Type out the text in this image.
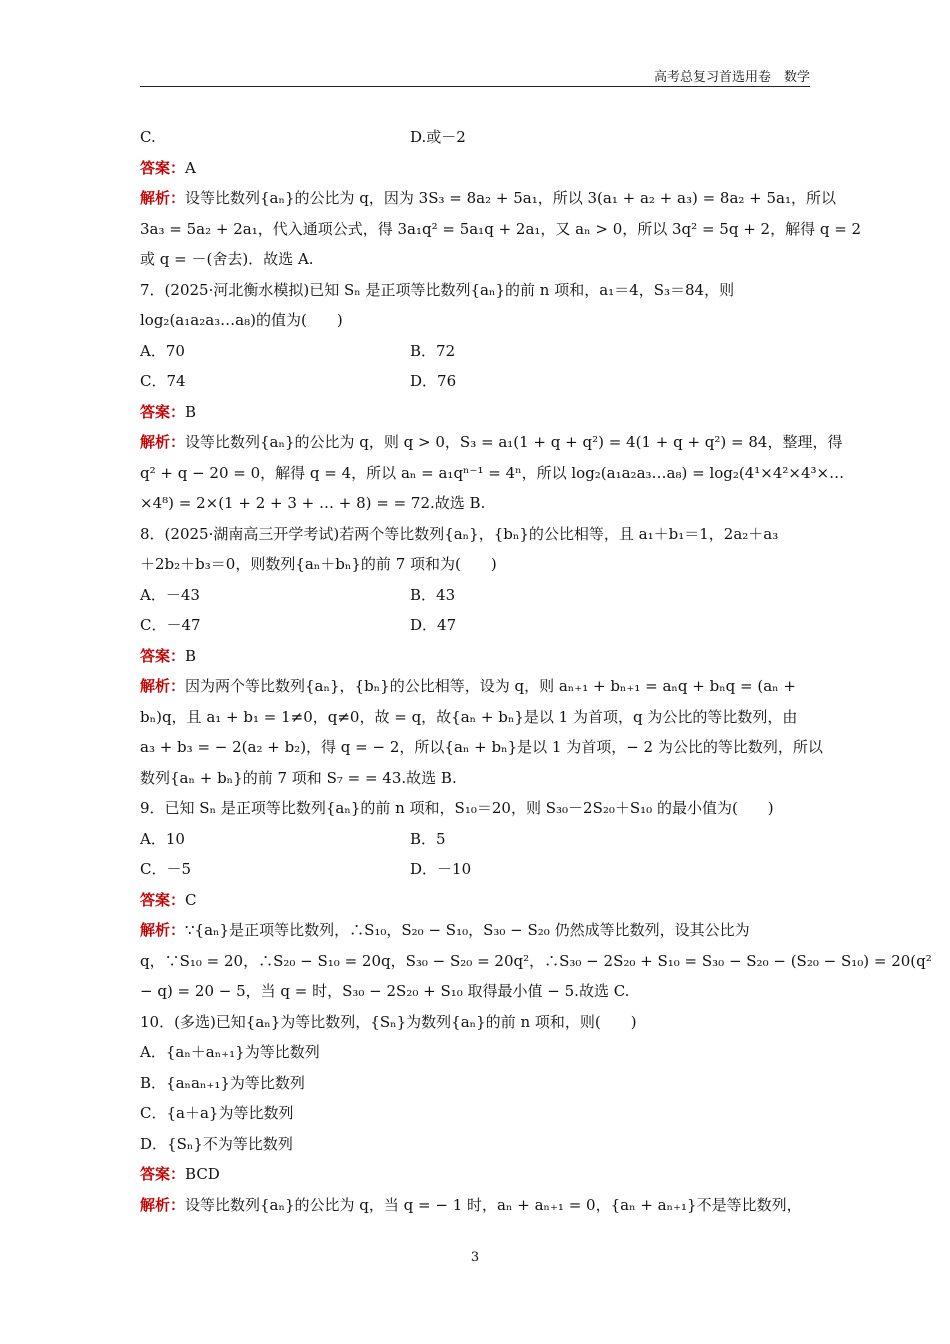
高考总复习首选用卷　数学
C.	D.或－2
答案：A
解析：设等比数列{aₙ}的公比为 q，因为 3S₃ = 8a₂ + 5a₁，所以 3(a₁ + a₂ + a₃) = 8a₂ + 5a₁，所以
3a₃ = 5a₂ + 2a₁，代入通项公式，得 3a₁q² = 5a₁q + 2a₁，又 aₙ > 0，所以 3q² = 5q + 2，解得 q = 2
或 q = －(舍去)．故选 A.
7．(2025·河北衡水模拟)已知 Sₙ 是正项等比数列{aₙ}的前 n 项和，a₁＝4，S₃＝84，则
log₂(a₁a₂a₃…a₈)的值为(　　)
A．70	B．72
C．74	D．76
答案：B
解析：设等比数列{aₙ}的公比为 q，则 q > 0，S₃ = a₁(1 + q + q²) = 4(1 + q + q²) = 84，整理，得
q² + q − 20 = 0，解得 q = 4，所以 aₙ = a₁qⁿ⁻¹ = 4ⁿ，所以 log₂(a₁a₂a₃…a₈) = log₂(4¹×4²×4³×…
×4⁸) = 2×(1 + 2 + 3 + … + 8) = = 72.故选 B.
8．(2025·湖南高三开学考试)若两个等比数列{aₙ}，{bₙ}的公比相等，且 a₁＋b₁＝1，2a₂＋a₃
＋2b₂＋b₃＝0，则数列{aₙ＋bₙ}的前 7 项和为(　　)
A．－43	B．43
C．－47	D．47
答案：B
解析：因为两个等比数列{aₙ}，{bₙ}的公比相等，设为 q，则 aₙ₊₁ + bₙ₊₁ = aₙq + bₙq = (aₙ +
bₙ)q，且 a₁ + b₁ = 1≠0，q≠0，故 = q，故{aₙ + bₙ}是以 1 为首项，q 为公比的等比数列，由
a₃ + b₃ = − 2(a₂ + b₂)，得 q = − 2，所以{aₙ + bₙ}是以 1 为首项，− 2 为公比的等比数列，所以
数列{aₙ + bₙ}的前 7 项和 S₇ = = 43.故选 B.
9．已知 Sₙ 是正项等比数列{aₙ}的前 n 项和，S₁₀＝20，则 S₃₀－2S₂₀＋S₁₀ 的最小值为(　　)
A．10	B．5
C．－5	D．－10
答案：C
解析：∵{aₙ}是正项等比数列，∴S₁₀，S₂₀ − S₁₀，S₃₀ − S₂₀ 仍然成等比数列，设其公比为
q，∵S₁₀ = 20，∴S₂₀ − S₁₀ = 20q，S₃₀ − S₂₀ = 20q²，∴S₃₀ − 2S₂₀ + S₁₀ = S₃₀ − S₂₀ − (S₂₀ − S₁₀) = 20(q²
− q) = 20 − 5，当 q = 时，S₃₀ − 2S₂₀ + S₁₀ 取得最小值 − 5.故选 C.
10．(多选)已知{aₙ}为等比数列，{Sₙ}为数列{aₙ}的前 n 项和，则(　　)
A．{aₙ＋aₙ₊₁}为等比数列
B．{aₙaₙ₊₁}为等比数列
C．{a＋a}为等比数列
D．{Sₙ}不为等比数列
答案：BCD
解析：设等比数列{aₙ}的公比为 q，当 q = − 1 时，aₙ + aₙ₊₁ = 0，{aₙ + aₙ₊₁}不是等比数列，
3
